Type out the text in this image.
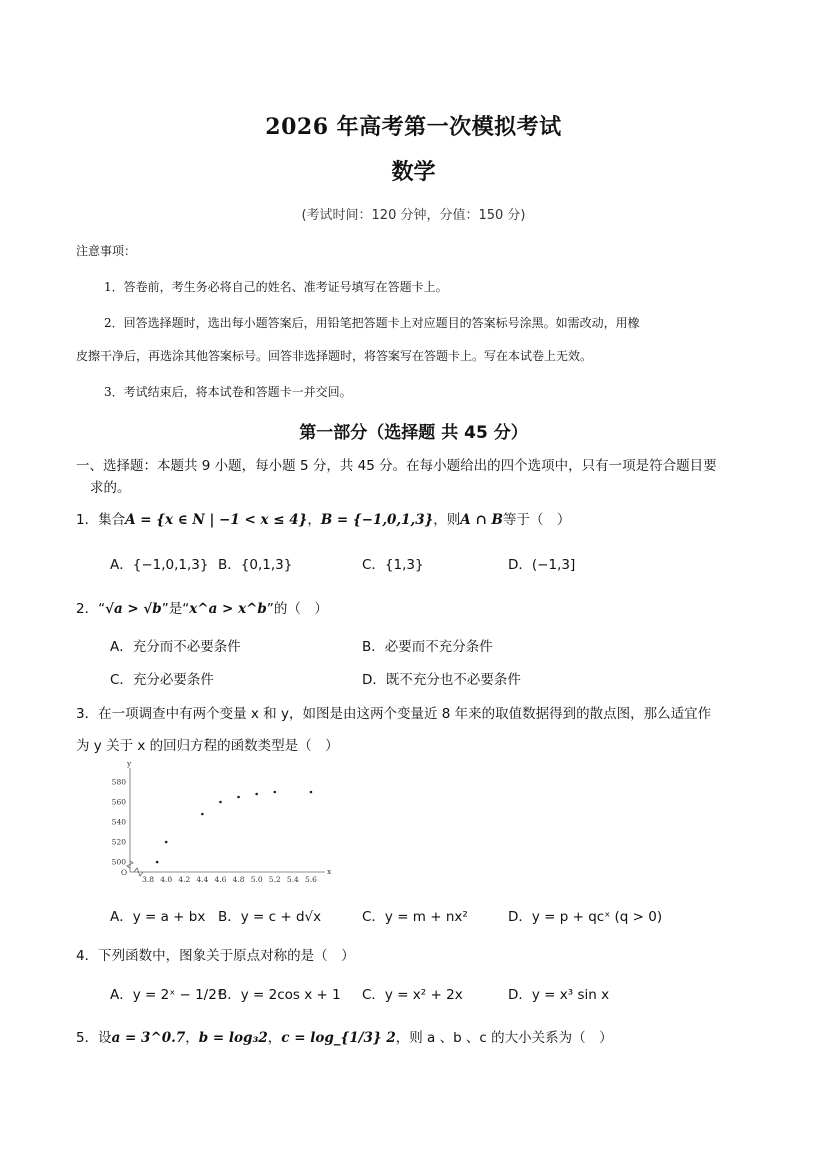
2026 年高考第一次模拟考试
数学
(考试时间：120 分钟，分值：150 分)
注意事项：
1．答卷前，考生务必将自己的姓名、准考证号填写在答题卡上。
2．回答选择题时，选出每小题答案后，用铅笔把答题卡上对应题目的答案标号涂黑。如需改动，用橡
皮擦干净后，再选涂其他答案标号。回答非选择题时，将答案写在答题卡上。写在本试卷上无效。
3．考试结束后，将本试卷和答题卡一并交回。
第一部分（选择题 共 45 分）
一、选择题：本题共 9 小题，每小题 5 分，共 45 分。在每小题给出的四个选项中，只有一项是符合题目要
求的。
1．集合A = {x ∈ N | −1 < x ≤ 4}，B = {−1,0,1,3}，则A ∩ B等于（　）
A．{−1,0,1,3} B．{0,1,3}	C．{1,3}	D．(−1,3]
2．“√a > √b”是“x^a > x^b”的（　）
A．充分而不必要条件	B．必要而不充分条件
C．充分必要条件	D．既不充分也不必要条件
3．在一项调查中有两个变量 x 和 y，如图是由这两个变量近 8 年来的取值数据得到的散点图，那么适宜作
为 y 关于 x 的回归方程的函数类型是（　）
O	x
y
3.8 4.0 4.2 4.4 4.6 4.8 5.0 5.2 5.4 5.6
500
520
540
560
580
A．y = a + bx B．y = c + d√x	C．y = m + nx²	D．y = p + qcˣ (q > 0)
4．下列函数中，图象关于原点对称的是（　）
A．y = 2ˣ − 1/2ˣ
B．y = 2cos x + 1 C．y = x² + 2x	D．y = x³ sin x
5．设a = 3^0.7，b = log₃2，c = log_{1/3} 2，则 a 、b 、c 的大小关系为（　）
